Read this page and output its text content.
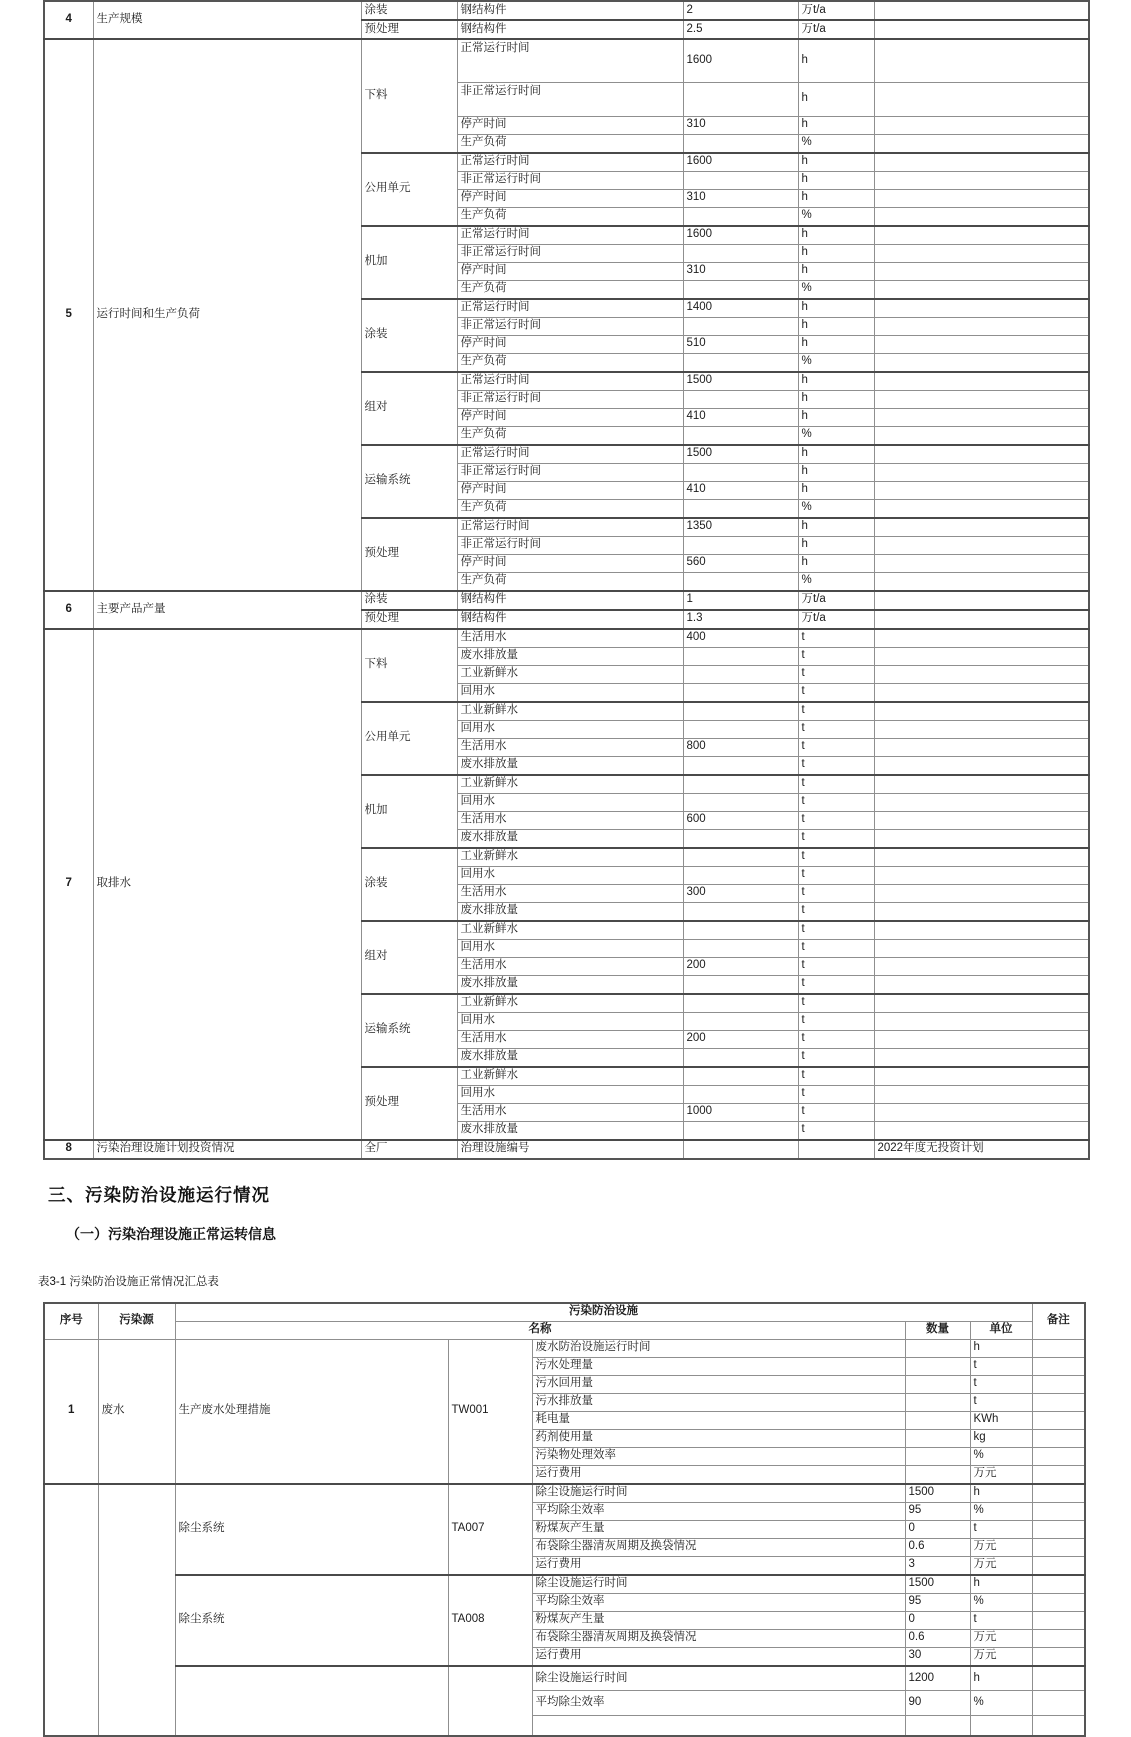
4	生产规模	涂装	钢结构件	2	万t/a	
		预处理	钢结构件	2.5	万t/a	
5	运行时间和生产负荷	下料	正常运行时间	1600	h	
			非正常运行时间		h	
			停产时间	310	h	
			生产负荷		%	
		公用单元	正常运行时间	1600	h	
			非正常运行时间		h	
			停产时间	310	h	
			生产负荷		%	
		机加	正常运行时间	1600	h	
			非正常运行时间		h	
			停产时间	310	h	
			生产负荷		%	
		涂装	正常运行时间	1400	h	
			非正常运行时间		h	
			停产时间	510	h	
			生产负荷		%	
		组对	正常运行时间	1500	h	
			非正常运行时间		h	
			停产时间	410	h	
			生产负荷		%	
		运输系统	正常运行时间	1500	h	
			非正常运行时间		h	
			停产时间	410	h	
			生产负荷		%	
		预处理	正常运行时间	1350	h	
			非正常运行时间		h	
			停产时间	560	h	
			生产负荷		%	
6	主要产品产量	涂装	钢结构件	1	万t/a	
		预处理	钢结构件	1.3	万t/a	
7	取排水	下料	生活用水	400	t	
			废水排放量		t	
			工业新鲜水		t	
			回用水		t	
		公用单元	工业新鲜水		t	
			回用水		t	
			生活用水	800	t	
			废水排放量		t	
		机加	工业新鲜水		t	
			回用水		t	
			生活用水	600	t	
			废水排放量		t	
		涂装	工业新鲜水		t	
			回用水		t	
			生活用水	300	t	
			废水排放量		t	
		组对	工业新鲜水		t	
			回用水		t	
			生活用水	200	t	
			废水排放量		t	
		运输系统	工业新鲜水		t	
			回用水		t	
			生活用水	200	t	
			废水排放量		t	
		预处理	工业新鲜水		t	
			回用水		t	
			生活用水	1000	t	
			废水排放量		t	
8	污染治理设施计划投资情况	全厂	治理设施编号			2022年度无投资计划
三、污染防治设施运行情况
（一）污染治理设施正常运转信息
表3-1 污染防治设施正常情况汇总表
序号	污染源	污染防治设施					备注
		名称			数量	单位	
1	废水	生产废水处理措施	TW001	废水防治设施运行时间		h	
				污水处理量		t	
				污水回用量		t	
				污水排放量		t	
				耗电量		KWh	
				药剂使用量		kg	
				污染物处理效率		%	
				运行费用		万元	
		除尘系统	TA007	除尘设施运行时间	1500	h	
				平均除尘效率	95	%	
				粉煤灰产生量	0	t	
				布袋除尘器清灰周期及换袋情况	0.6	万元	
				运行费用	3	万元	
		除尘系统	TA008	除尘设施运行时间	1500	h	
				平均除尘效率	95	%	
				粉煤灰产生量	0	t	
				布袋除尘器清灰周期及换袋情况	0.6	万元	
				运行费用	30	万元	
				除尘设施运行时间	1200	h	
				平均除尘效率	90	%	
